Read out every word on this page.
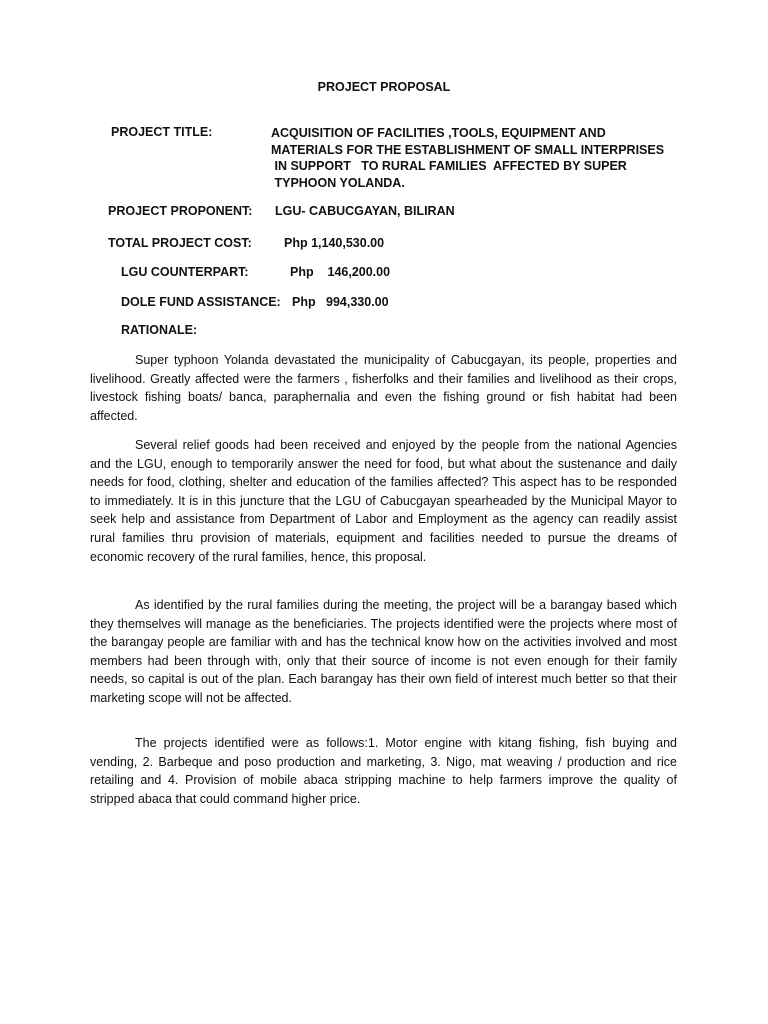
PROJECT PROPOSAL
PROJECT TITLE:	ACQUISITION OF FACILITIES ,TOOLS, EQUIPMENT AND
MATERIALS FOR THE ESTABLISHMENT OF SMALL INTERPRISES
IN SUPPORT   TO RURAL FAMILIES  AFFECTED BY SUPER
TYPHOON YOLANDA.
PROJECT PROPONENT: LGU- CABUCGAYAN, BILIRAN
TOTAL PROJECT COST:	Php 1,140,530.00
LGU COUNTERPART:	Php    146,200.00
DOLE FUND ASSISTANCE: Php   994,330.00
RATIONALE:
Super typhoon Yolanda devastated the municipality of Cabucgayan, its people, properties and livelihood. Greatly affected were the farmers , fisherfolks and their families and livelihood as their crops, livestock fishing boats/ banca, paraphernalia and even the fishing ground or fish habitat had been affected.
Several relief goods had been received and enjoyed by the people from the national Agencies and the LGU, enough to temporarily answer the need for food, but what about the sustenance and daily needs for food, clothing, shelter and education of the families affected? This aspect has to be responded to immediately. It is in this juncture that the LGU of Cabucgayan spearheaded by the Municipal Mayor to seek help and assistance from Department of Labor and Employment as the agency can readily assist rural families thru provision of materials, equipment and facilities needed to pursue the dreams of economic recovery of the rural families, hence, this proposal.
As identified by the rural families during the meeting, the project will be a barangay based which they themselves will manage as the beneficiaries. The projects identified were the projects where most of the barangay people are familiar with and has the technical know how on the activities involved and most members had been through with, only that their source of income is not even enough for their family needs, so capital is out of the plan. Each barangay has their own field of interest much better so that their marketing scope will not be affected.
The projects identified were as follows:1. Motor engine with kitang fishing, fish buying and vending, 2. Barbeque and poso production and marketing, 3. Nigo, mat weaving / production and rice retailing and 4. Provision of mobile abaca stripping machine to help farmers improve the quality of stripped abaca that could command higher price.
